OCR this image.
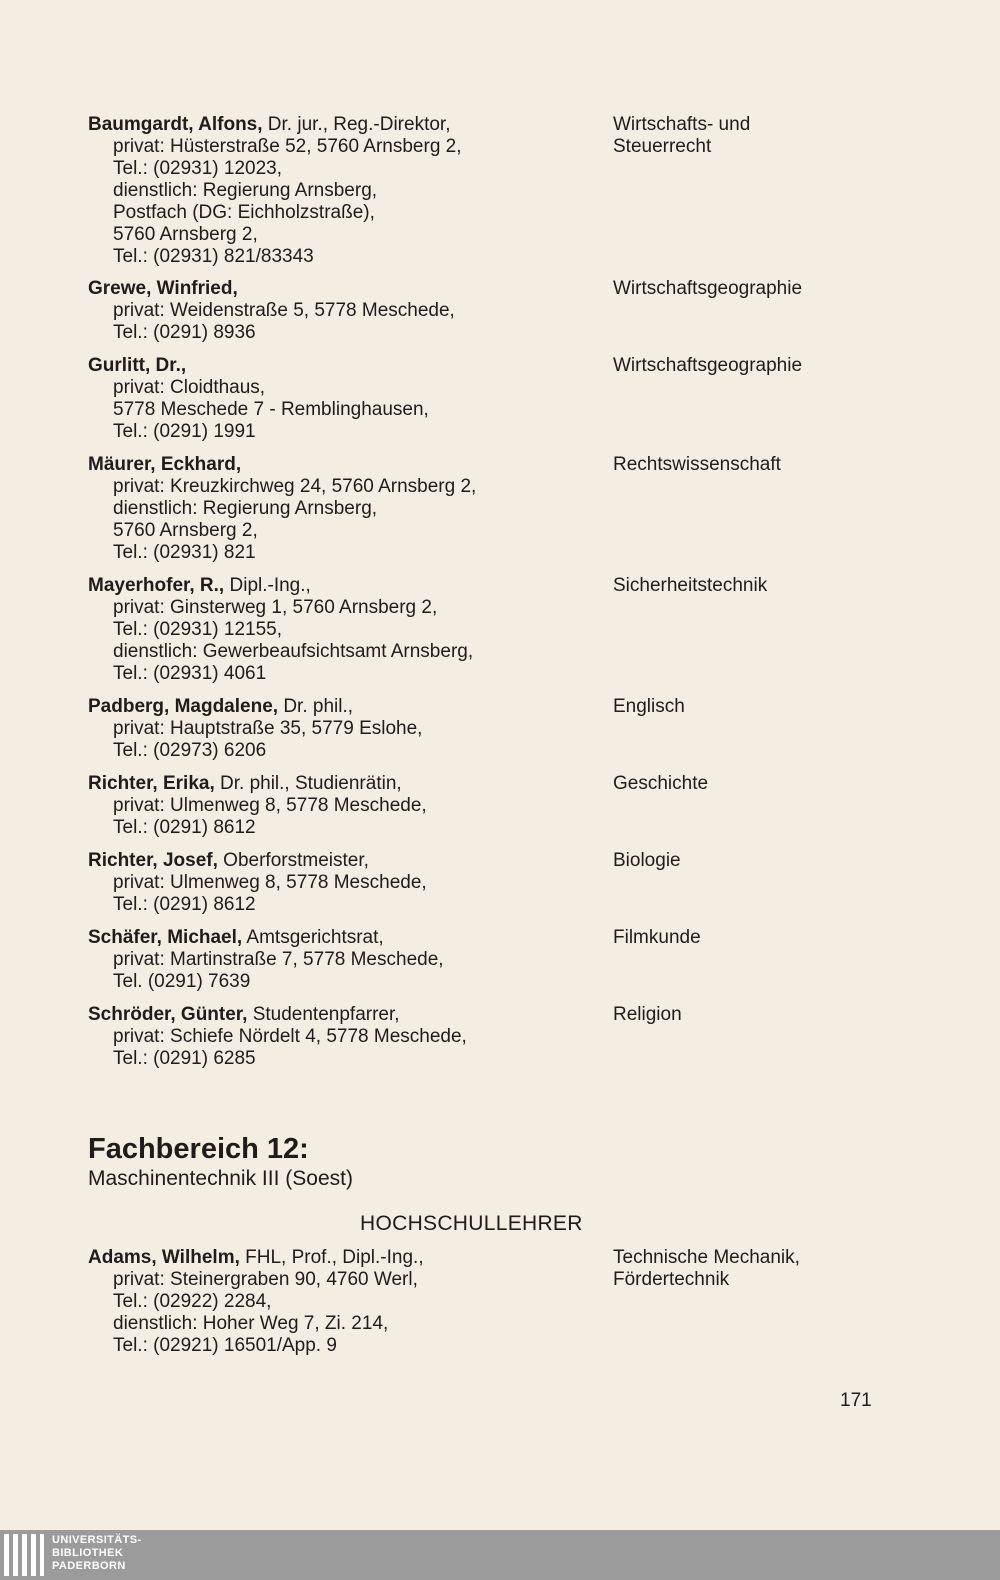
Baumgardt, Alfons, Dr. jur., Reg.-Direktor,
privat: Hüsterstraße 52, 5760 Arnsberg 2,
Tel.: (02931) 12023,
dienstlich: Regierung Arnsberg,
Postfach (DG: Eichholzstraße),
5760 Arnsberg 2,
Tel.: (02931) 821/83343
Wirtschafts- und
Steuerrecht
Grewe, Winfried,
privat: Weidenstraße 5, 5778 Meschede,
Tel.: (0291) 8936
Wirtschaftsgeographie
Gurlitt, Dr.,
privat: Cloidthaus,
5778 Meschede 7 - Remblinghausen,
Tel.: (0291) 1991
Wirtschaftsgeographie
Mäurer, Eckhard,
privat: Kreuzkirchweg 24, 5760 Arnsberg 2,
dienstlich: Regierung Arnsberg,
5760 Arnsberg 2,
Tel.: (02931) 821
Rechtswissenschaft
Mayerhofer, R., Dipl.-Ing.,
privat: Ginsterweg 1, 5760 Arnsberg 2,
Tel.: (02931) 12155,
dienstlich: Gewerbeaufsichtsamt Arnsberg,
Tel.: (02931) 4061
Sicherheitstechnik
Padberg, Magdalene, Dr. phil.,
privat: Hauptstraße 35, 5779 Eslohe,
Tel.: (02973) 6206
Englisch
Richter, Erika, Dr. phil., Studienrätin,
privat: Ulmenweg 8, 5778 Meschede,
Tel.: (0291) 8612
Geschichte
Richter, Josef, Oberforstmeister,
privat: Ulmenweg 8, 5778 Meschede,
Tel.: (0291) 8612
Biologie
Schäfer, Michael, Amtsgerichtsrat,
privat: Martinstraße 7, 5778 Meschede,
Tel. (0291) 7639
Filmkunde
Schröder, Günter, Studentenpfarrer,
privat: Schiefe Nördelt 4, 5778 Meschede,
Tel.: (0291) 6285
Religion
Fachbereich 12:
Maschinentechnik III (Soest)
HOCHSCHULLEHRER
Adams, Wilhelm, FHL, Prof., Dipl.-Ing.,
privat: Steinergraben 90, 4760 Werl,
Tel.: (02922) 2284,
dienstlich: Hoher Weg 7, Zi. 214,
Tel.: (02921) 16501/App. 9
Technische Mechanik,
Fördertechnik
171
UNIVERSITÄTS-
BIBLIOTHEK
PADERBORN
